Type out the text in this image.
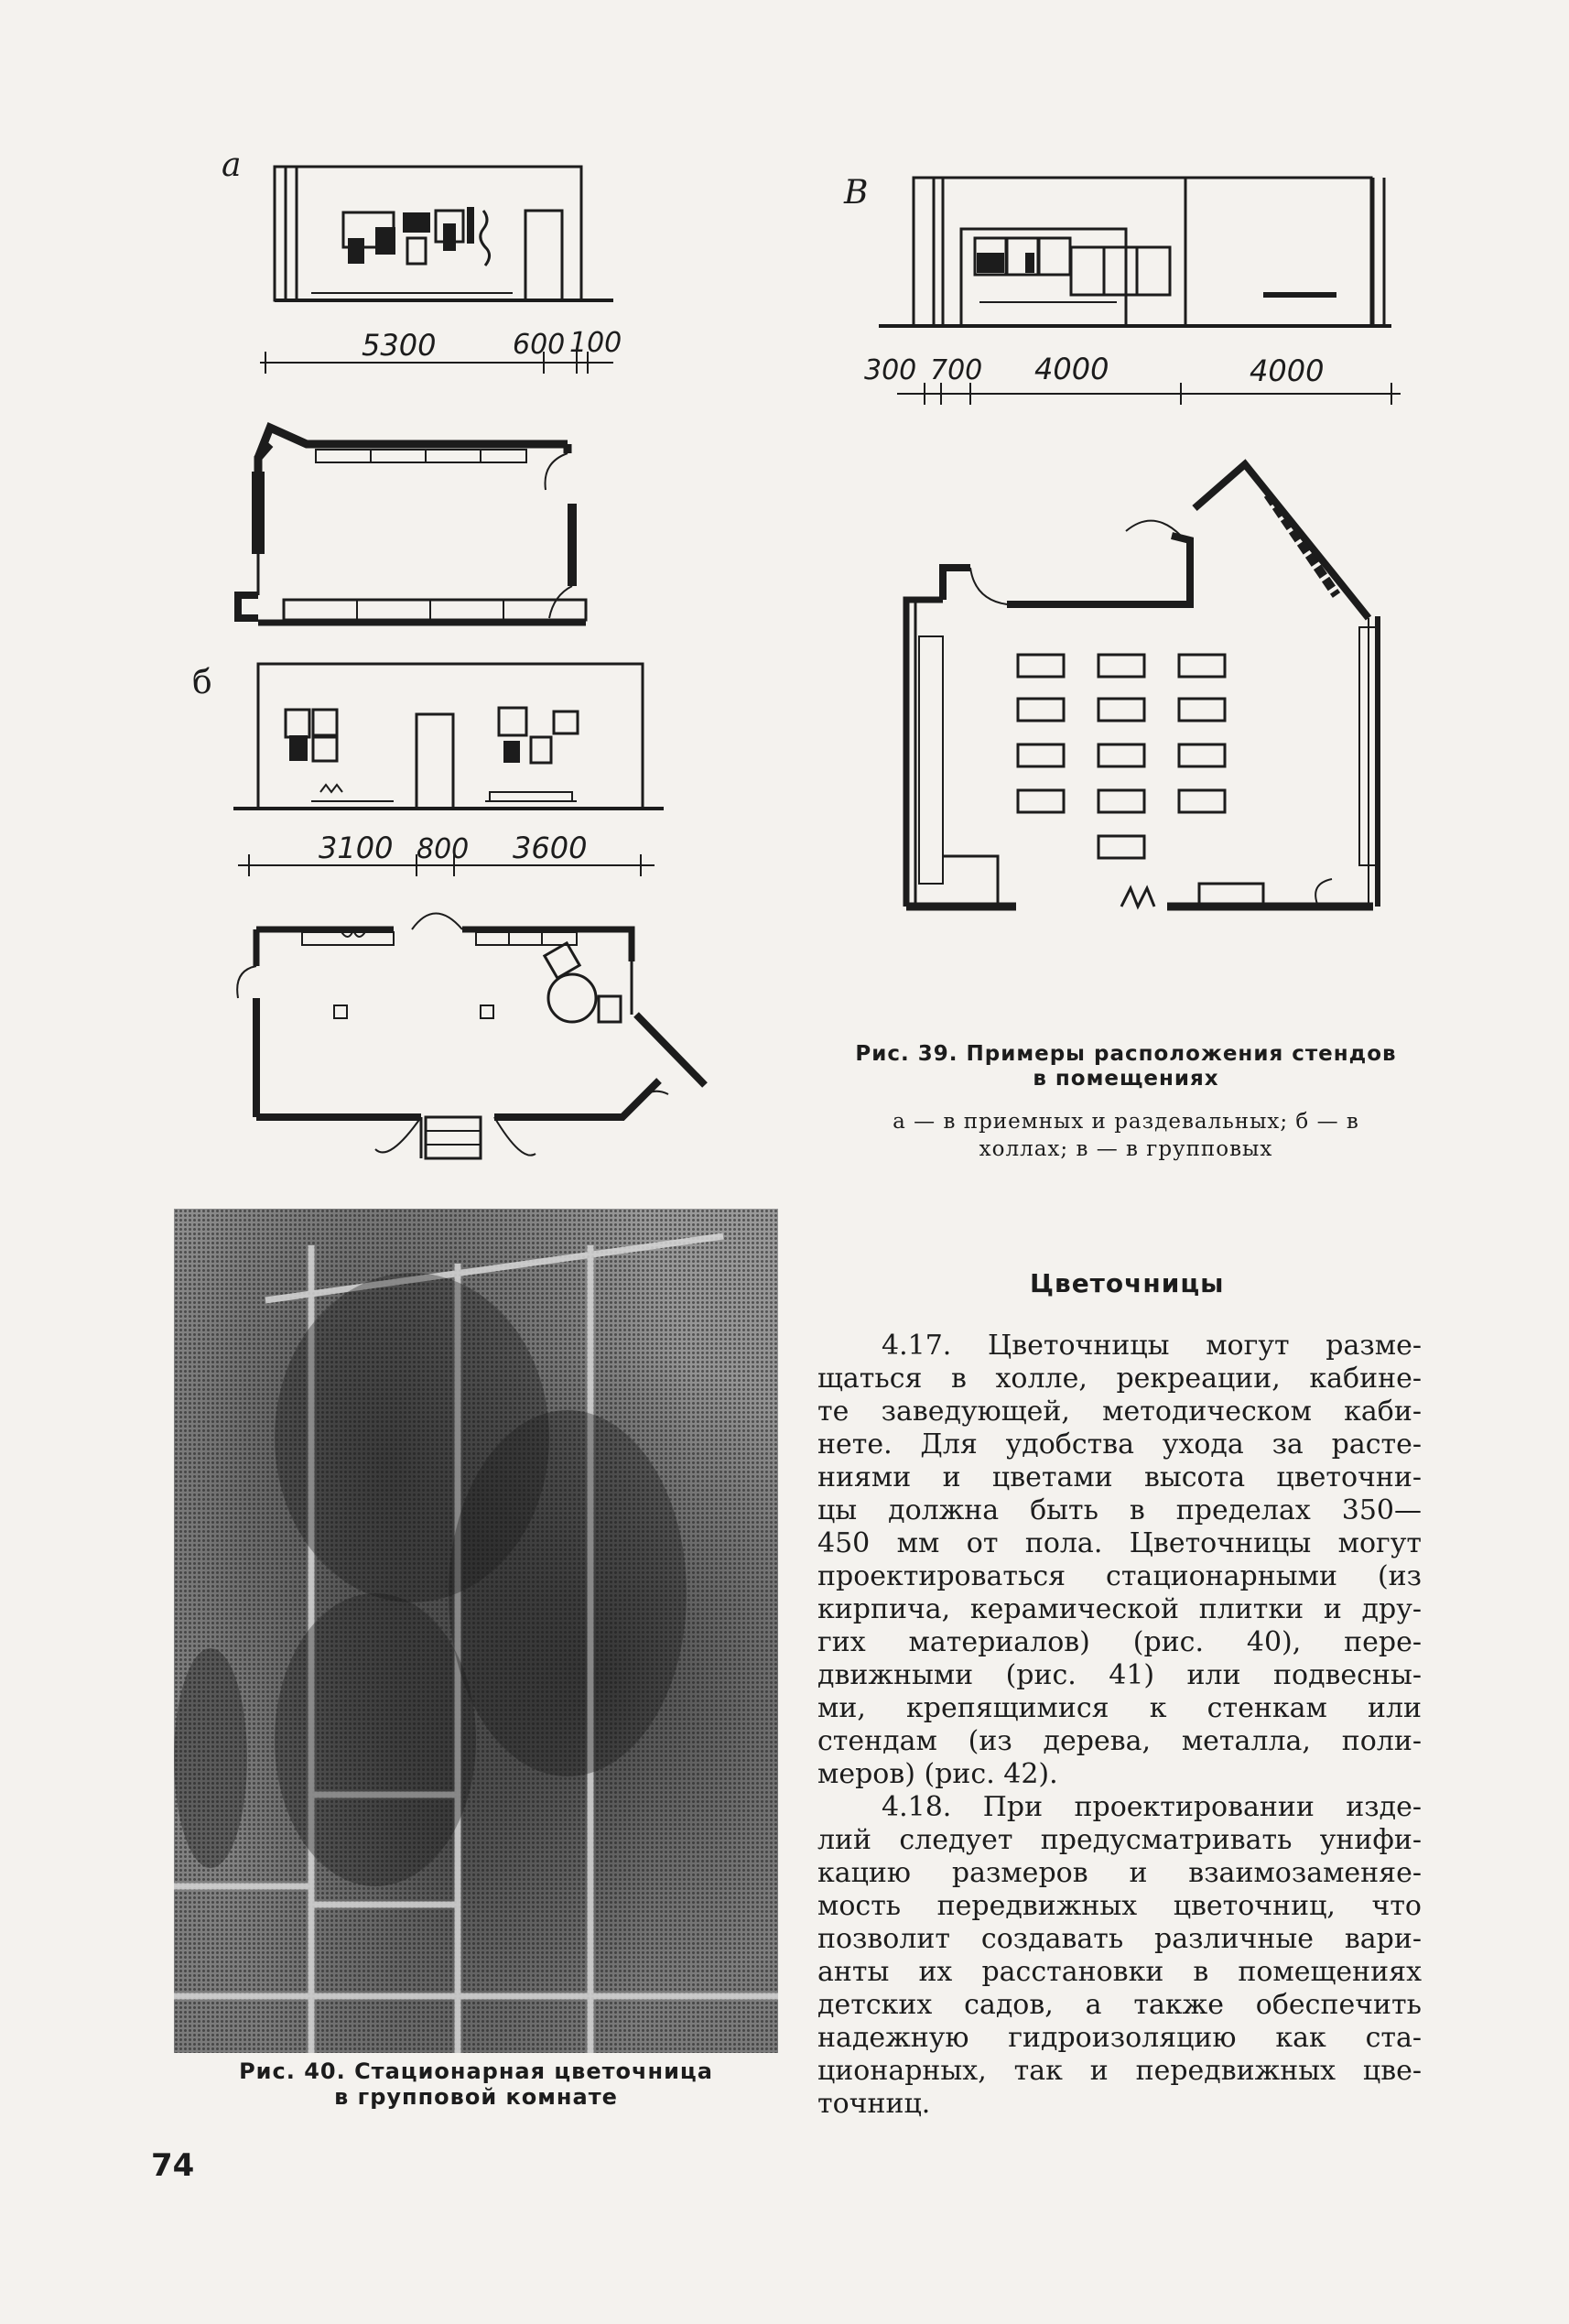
а
5300	600 100
б
3100 800 3600
В
300 700 4000	4000
Рис. 39. Примеры расположения стендов
в помещениях
а — в приемных и раздевальных; б — в
холлах; в — в групповых
Рис. 40. Стационарная цветочница
в групповой комнате
Цветочницы
4.17. Цветочницы могут разме-
щаться в холле, рекреации, кабине-
те заведующей, методическом каби-
нете. Для удобства ухода за расте-
ниями и цветами высота цветочни-
цы должна быть в пределах 350—
450 мм от пола. Цветочницы могут
проектироваться стационарными (из
кирпича, керамической плитки и дру-
гих материалов) (рис. 40), пере-
движными (рис. 41) или подвесны-
ми, крепящимися к стенкам или
стендам (из дерева, металла, поли-
меров) (рис. 42).
4.18. При проектировании изде-
лий следует предусматривать унифи-
кацию размеров и взаимозаменяе-
мость передвижных цветочниц, что
позволит создавать различные вари-
анты их расстановки в помещениях
детских садов, а также обеспечить
надежную гидроизоляцию как ста-
ционарных, так и передвижных цве-
точниц.
74
